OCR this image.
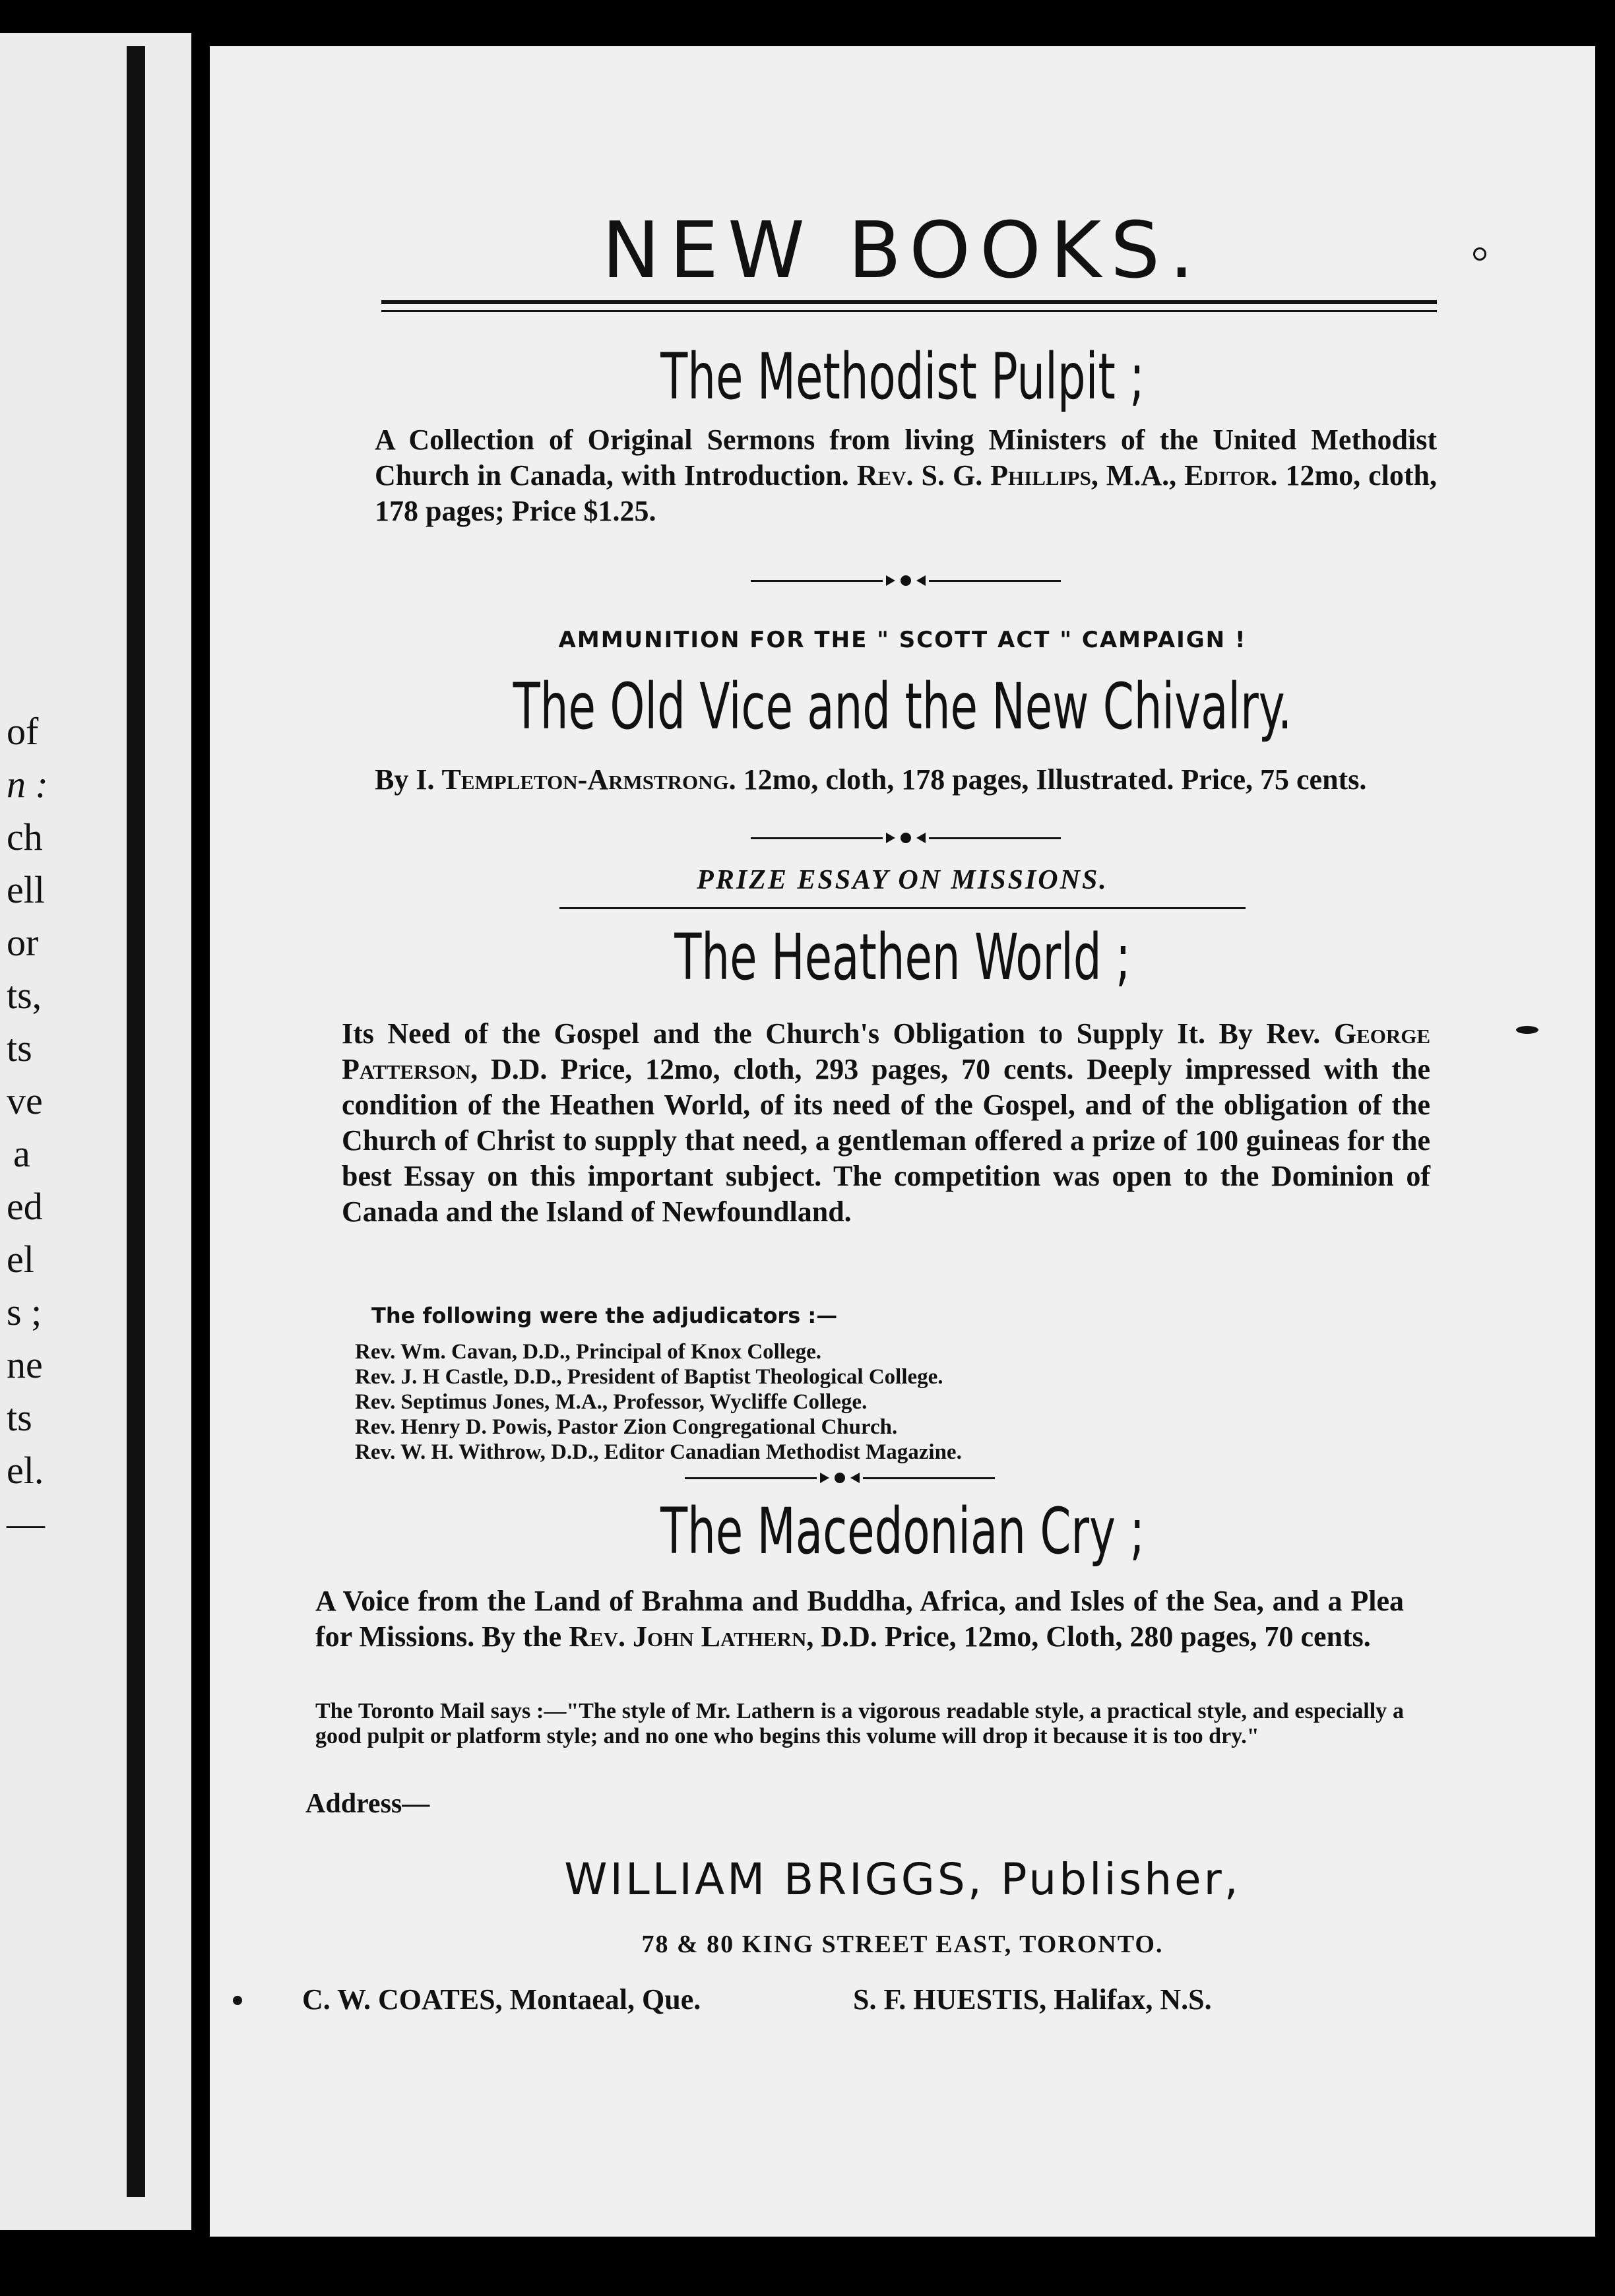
of
n :
ch
ell
or
ts,
ts
ve
a
ed
el
s ;
ne
ts
el.
—
NEW BOOKS.
The Methodist Pulpit ;
A Collection of Original Sermons from living Ministers of the United Methodist Church in Canada, with Introduction. Rev. S. G. Phillips, M.A., Editor. 12mo, cloth, 178 pages; Price $1.25.
AMMUNITION FOR THE " SCOTT ACT " CAMPAIGN !
The Old Vice and the New Chivalry.
By I. Templeton-Armstrong. 12mo, cloth, 178 pages, Illustrated. Price, 75 cents.
PRIZE ESSAY ON MISSIONS.
The Heathen World ;
Its Need of the Gospel and the Church's Obligation to Supply It. By Rev. George Patterson, D.D. Price, 12mo, cloth, 293 pages, 70 cents. Deeply impressed with the condition of the Heathen World, of its need of the Gospel, and of the obligation of the Church of Christ to supply that need, a gentleman offered a prize of 100 guineas for the best Essay on this important subject. The competition was open to the Dominion of Canada and the Island of Newfoundland.
The following were the adjudicators :—
Rev. Wm. Cavan, D.D., Principal of Knox College.
Rev. J. H Castle, D.D., President of Baptist Theological College.
Rev. Septimus Jones, M.A., Professor, Wycliffe College.
Rev. Henry D. Powis, Pastor Zion Congregational Church.
Rev. W. H. Withrow, D.D., Editor Canadian Methodist Magazine.
The Macedonian Cry ;
A Voice from the Land of Brahma and Buddha, Africa, and Isles of the Sea, and a Plea for Missions. By the Rev. John Lathern, D.D. Price, 12mo, Cloth, 280 pages, 70 cents.
The Toronto Mail says :—"The style of Mr. Lathern is a vigorous readable style, a practical style, and especially a good pulpit or platform style; and no one who begins this volume will drop it because it is too dry."
Address—
WILLIAM BRIGGS, Publisher,
78 & 80 KING STREET EAST, TORONTO.
C. W. COATES, Montaeal, Que.	S. F. HUESTIS, Halifax, N.S.
